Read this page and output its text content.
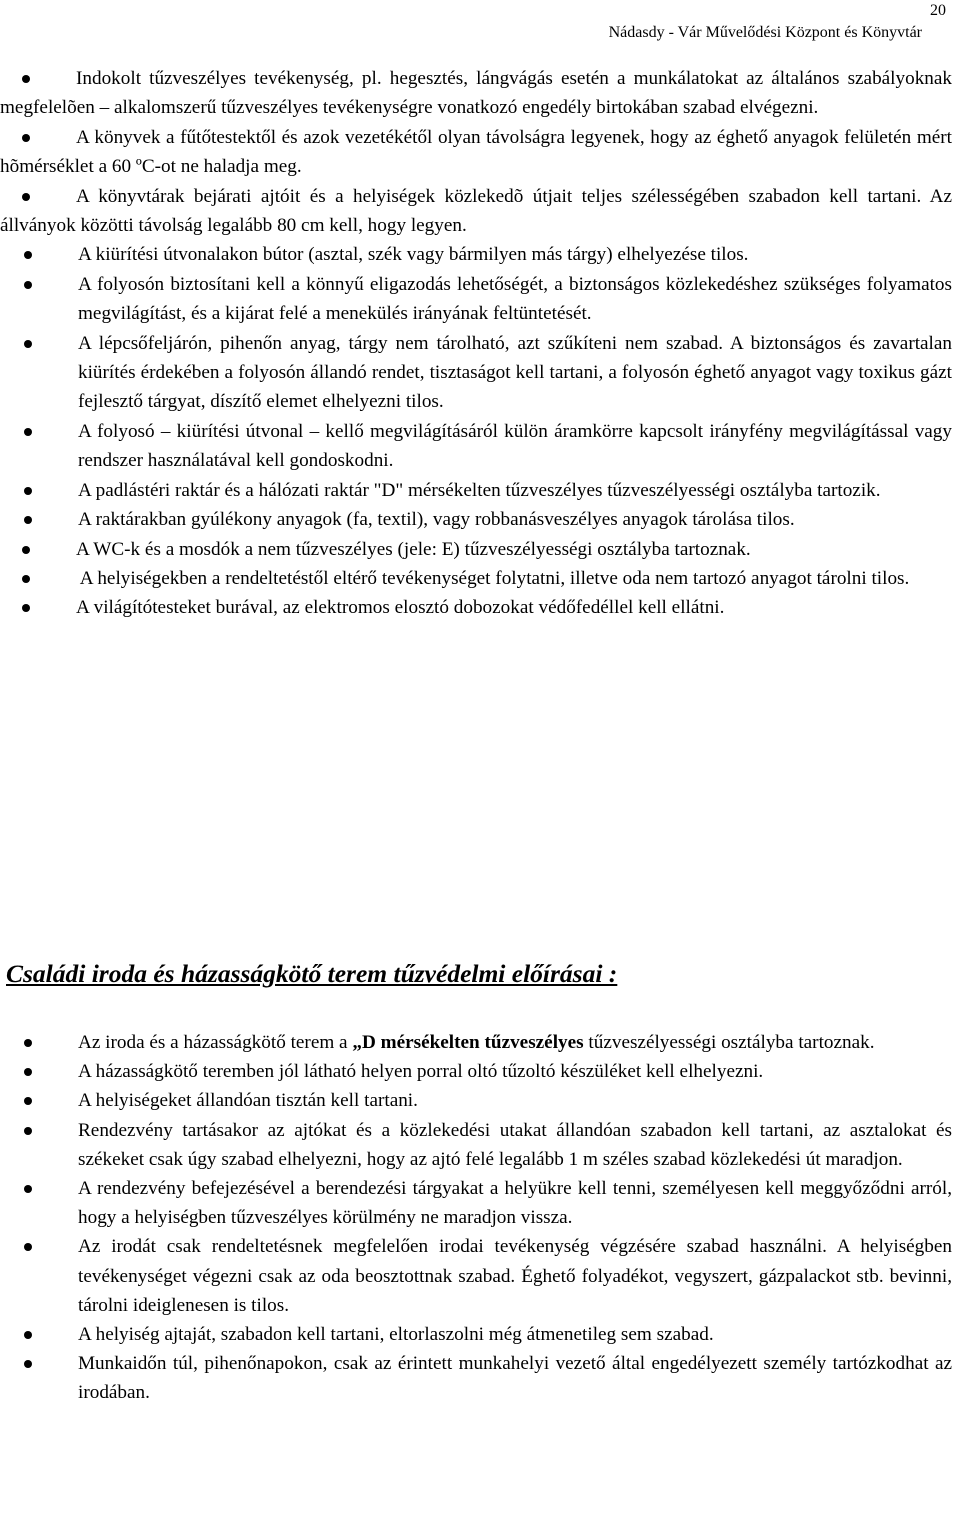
20
Nádasdy - Vár Művelődési Központ és Könyvtár
Indokolt tűzveszélyes tevékenység, pl. hegesztés, lángvágás esetén a munkálatokat az általános szabályoknak megfelelõen – alkalomszerű tűzveszélyes tevékenységre vonatkozó engedély birtokában szabad elvégezni.
A könyvek a fűtőtestektől és azok vezetékétől olyan távolságra legyenek, hogy az éghető anyagok felületén mért hõmérséklet a 60 ºC-ot ne haladja meg.
A könyvtárak bejárati ajtóit és a helyiségek közlekedõ útjait teljes szélességében szabadon kell tartani. Az állványok közötti távolság legalább 80 cm kell, hogy legyen.
A kiürítési útvonalakon bútor (asztal, szék vagy bármilyen más tárgy) elhelyezése tilos.
A folyosón biztosítani kell a könnyű eligazodás lehetőségét, a biztonságos közlekedéshez szükséges folyamatos megvilágítást, és a kijárat felé a menekülés irányának feltüntetését.
A lépcsőfeljárón, pihenőn anyag, tárgy nem tárolható, azt szűkíteni nem szabad. A biztonságos és zavartalan kiürítés érdekében a folyosón állandó rendet, tisztaságot kell tartani, a folyosón éghető anyagot vagy toxikus gázt fejlesztő tárgyat, díszítő elemet elhelyezni tilos.
A folyosó – kiürítési útvonal – kellő megvilágításáról külön áramkörre kapcsolt irányfény megvilágítással vagy rendszer használatával kell gondoskodni.
A padlástéri raktár és a hálózati raktár "D" mérsékelten tűzveszélyes tűzveszélyességi osztályba tartozik.
A raktárakban gyúlékony anyagok (fa, textil), vagy robbanásveszélyes anyagok tárolása tilos.
A WC-k és a mosdók a nem tűzveszélyes (jele: E) tűzveszélyességi osztályba tartoznak.
A helyiségekben a rendeltetéstől eltérő tevékenységet folytatni, illetve oda nem tartozó anyagot tárolni tilos.
A világítótesteket burával, az elektromos elosztó dobozokat védőfedéllel kell ellátni.
Családi iroda és házasságkötő terem tűzvédelmi előírásai :
Az iroda és a házasságkötő terem a „D mérsékelten tűzveszélyes tűzveszélyességi osztályba tartoznak.
A házasságkötő teremben jól látható helyen porral oltó tűzoltó készüléket kell elhelyezni.
A helyiségeket állandóan tisztán kell tartani.
Rendezvény tartásakor az ajtókat és a közlekedési utakat állandóan szabadon kell tartani, az asztalokat és székeket csak úgy szabad elhelyezni, hogy az ajtó felé legalább 1 m széles szabad közlekedési út maradjon.
A rendezvény befejezésével a berendezési tárgyakat a helyükre kell tenni, személyesen kell meggyőződni arról, hogy a helyiségben tűzveszélyes körülmény ne maradjon vissza.
Az irodát csak rendeltetésnek megfelelően irodai tevékenység végzésére szabad használni. A helyiségben tevékenységet végezni csak az oda beosztottnak szabad. Éghető folyadékot, vegyszert, gázpalackot stb. bevinni, tárolni ideiglenesen is tilos.
A helyiség ajtaját, szabadon kell tartani, eltorlaszolni még átmenetileg sem szabad.
Munkaidőn túl, pihenőnapokon, csak az érintett munkahelyi vezető által engedélyezett személy tartózkodhat az irodában.
